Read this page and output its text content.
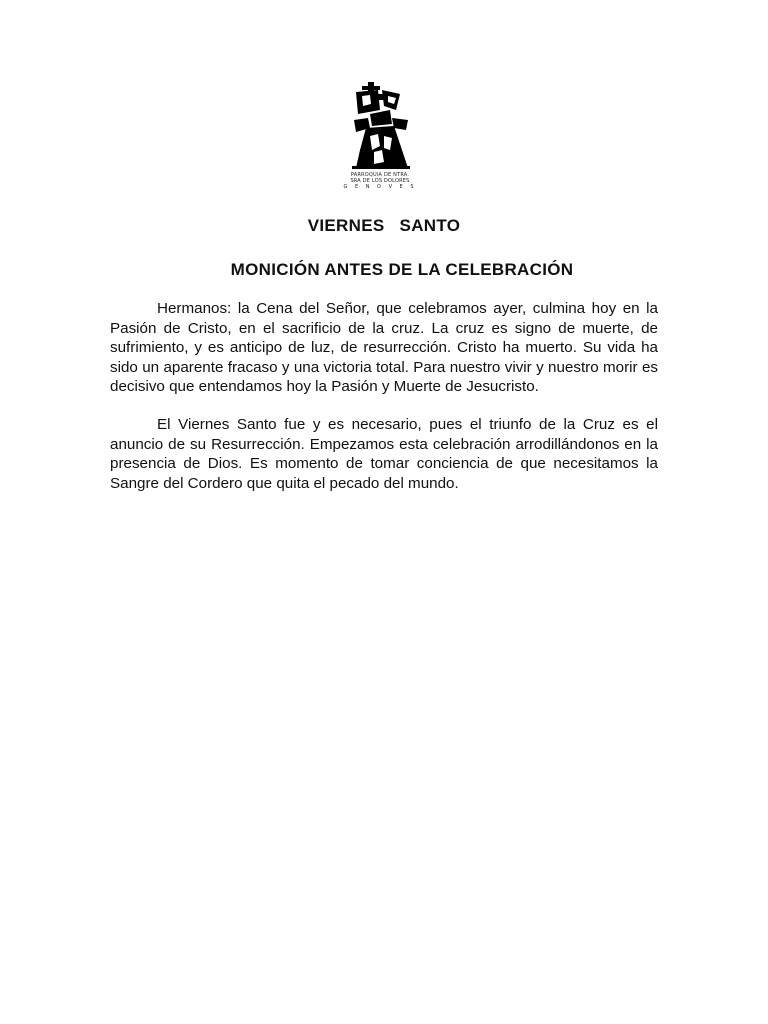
PARROQUIA DE NTRA.
SRA DE LOS DOLORES
G E N O V E S
VIERNES   SANTO
MONICIÓN ANTES DE LA CELEBRACIÓN

Hermanos: la Cena del Señor, que celebramos ayer, culmina hoy en la Pasión de Cristo, en el sacrificio de la cruz. La cruz es signo de muerte, de sufrimiento, y es anticipo de luz, de resurrección. Cristo ha muerto. Su vida ha sido un aparente fracaso y una victoria total. Para nuestro vivir y nuestro morir es decisivo que entendamos hoy la Pasión y Muerte de Jesucristo.

El Viernes Santo fue y es necesario, pues el triunfo de la Cruz es el anuncio de su Resurrección. Empezamos esta celebración arrodillándonos en la presencia de Dios. Es momento de tomar conciencia de que necesitamos la Sangre del Cordero que quita el pecado del mundo.
